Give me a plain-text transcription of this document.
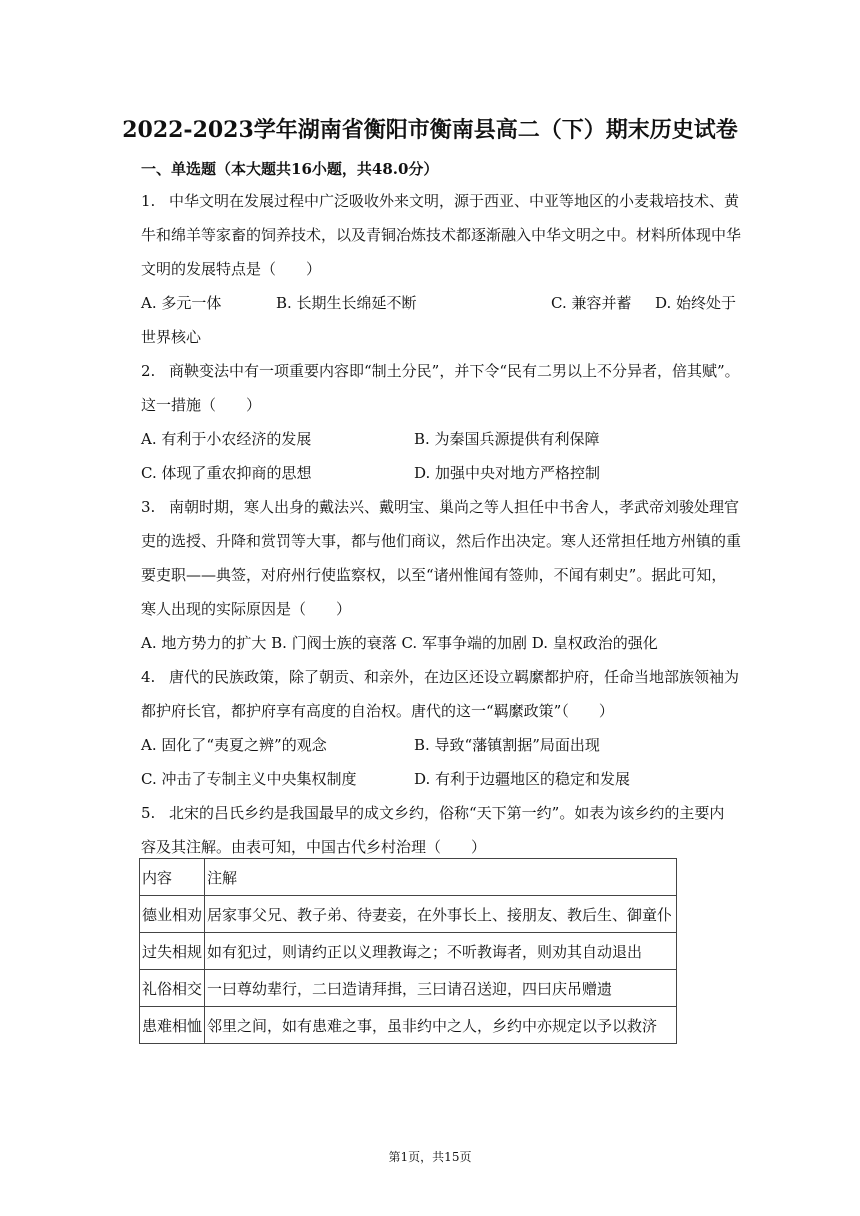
2022-2023学年湖南省衡阳市衡南县高二（下）期末历史试卷
一、单选题（本大题共16小题，共48.0分）
1. 中华文明在发展过程中广泛吸收外来文明，源于西亚、中亚等地区的小麦栽培技术、黄
牛和绵羊等家畜的饲养技术，以及青铜冶炼技术都逐渐融入中华文明之中。材料所体现中华
文明的发展特点是（　　）
A. 多元一体	B. 长期生长绵延不断	C. 兼容并蓄 D. 始终处于
世界核心
2. 商鞅变法中有一项重要内容即“制土分民”，并下令“民有二男以上不分异者，倍其赋”。
这一措施（　　）
A. 有利于小农经济的发展	B. 为秦国兵源提供有利保障
C. 体现了重农抑商的思想	D. 加强中央对地方严格控制
3. 南朝时期，寒人出身的戴法兴、戴明宝、巢尚之等人担任中书舍人，孝武帝刘骏处理官
吏的选授、升降和赏罚等大事，都与他们商议，然后作出决定。寒人还常担任地方州镇的重
要吏职——典签，对府州行使监察权，以至“诸州惟闻有签帅，不闻有刺史”。据此可知，
寒人出现的实际原因是（　　）
A. 地方势力的扩大 B. 门阀士族的衰落 C. 军事争端的加剧 D. 皇权政治的强化
4. 唐代的民族政策，除了朝贡、和亲外，在边区还设立羁縻都护府，任命当地部族领袖为
都护府长官，都护府享有高度的自治权。唐代的这一“羁縻政策”（　　）
A. 固化了“夷夏之辨”的观念	B. 导致“藩镇割据”局面出现
C. 冲击了专制主义中央集权制度	D. 有利于边疆地区的稳定和发展
5. 北宋的吕氏乡约是我国最早的成文乡约，俗称“天下第一约”。如表为该乡约的主要内
容及其注解。由表可知，中国古代乡村治理（　　）
内容	注解
德业相劝	居家事父兄、教子弟、待妻妾，在外事长上、接朋友、教后生、御童仆
过失相规	如有犯过，则请约正以义理教诲之；不听教诲者，则劝其自动退出
礼俗相交	一曰尊幼辈行，二曰造请拜揖，三曰请召送迎，四曰庆吊赠遗
患难相恤	邻里之间，如有患难之事，虽非约中之人，乡约中亦规定以予以救济
第1页，共15页
